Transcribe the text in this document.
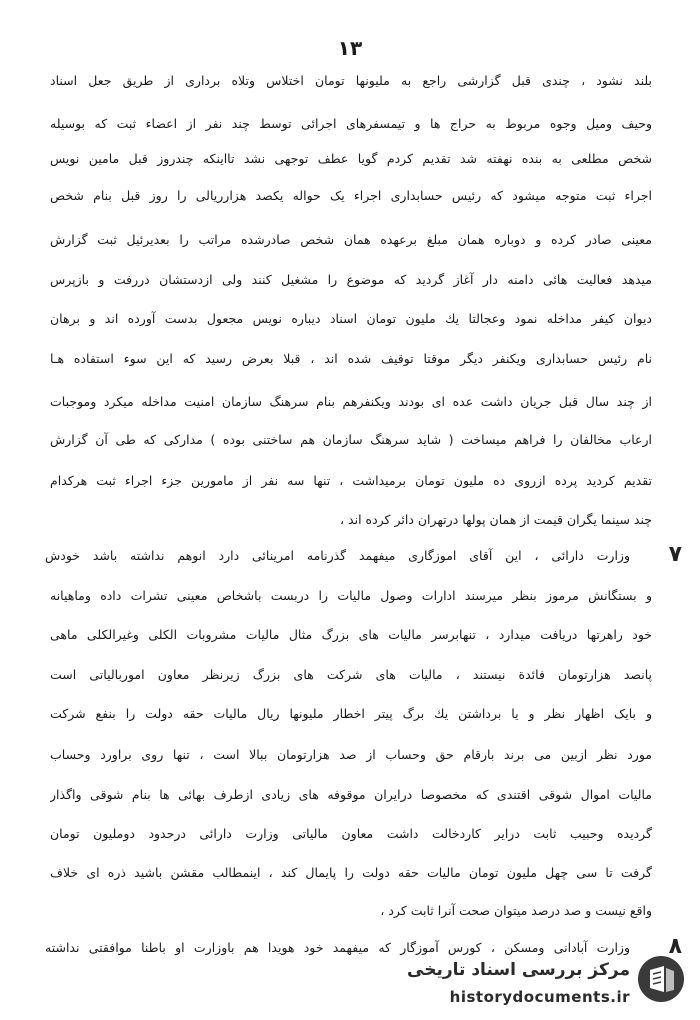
۱۳
بلند نشود ، چندی قبل گزارشی راجع به ملیونها تومان اختلاس وتلاه برداری از طریق جعل اسناد
وحیف ومیل وجوه مربوط به حراج ها و تیمسفرهای اجرائی توسط چند نفر از اعضاء ثبت که بوسیله
شخص مطلعی به بنده نهفته شد تقدیم کردم گویا عطف توجهی نشد تااینکه چندروز قبل مامین نویس
اجراء ثبت متوجه میشود که رئیس حسابداری اجراء یک حواله یکصد هزارریالی را روز قبل بنام شخص
معینی صادر کرده و دوباره همان مبلغ برعهده همان شخص صادرشده مراتب را بعدیرئیل ثبت گزارش
میدهد فعالیت هائی دامنه دار آغاز گردید که موضوع را مشغیل کنند ولی ازدستشان دررفت و بازپرس
دیوان کیفر مداخله نمود وعجالتا یك ملیون تومان اسناد دیباره نویس مجعول بدست آورده اند و برهان
نام رئیس حسابداری ویکنفر دیگر موقتا توقیف شده اند ، قبلا بعرض رسید که این سوء استفاده هـا
از چند سال قبل جریان داشت عده ای بودند ویکنفرهم بنام سرهنگ سازمان امنیت مداخله میکرد وموجبات
ارعاب مخالفان را فراهم میساخت ( شاید سرهنگ سازمان هم ساختنی بوده ) مدارکی که طی آن گزارش
تقدیم کردید پرده ازروی ده ملیون تومان برمیداشت ، تنها سه نفر از مامورین جزء اجراء ثبت هرکدام
چند سینما یگران قیمت از همان پولها درتهران دائر کرده اند ،
۷
وزارت دارائی ، این آقای اموزگاری میفهمد گذرنامه امرینائی دارد انوهم نداشته باشد خودش
و بستگانش مرموز بنظر میرسند ادارات وصول مالیات را دربست باشخاص معینی تشرات داده وماهیانه
خود راهرتها دریافت میدارد ، تنهابرسر مالیات های بزرگ مثال مالیات مشروبات الکلی وغیرالکلی ماهی
پانصد هزارتومان فائدة نیستند ، مالیات های شرکت های بزرگ زیرنظر معاون اموربالیاتی است
و بایک اظهار نظر و یا برداشتن یك برگ پیتر اخطار ملیونها ریال مالیات حقه دولت را بنفع شرکت
مورد نظر ازبین می برند بارقام حق وحساب از صد هزارتومان ببالا است ، تنها روی براورد وحساب
مالیات اموال شوقی اقتندی که مخصوصا درایران موقوفه های زیادی ازطرف بهائی ها بنام شوقی واگذار
گردیده وحبیب ثابت درایر کاردخالت داشت معاون مالیاتی وزارت دارائی درحدود دوملیون تومان
گرفت تا سی چهل ملیون تومان مالیات حقه دولت را پایمال کند ، اینمطالب مقشن باشید ذره ای خلاف
واقع نیست و صد درصد میتوان صحت آنرا ثابت کرد ،
۸
وزارت آبادانی ومسکن ، کورس آموزگار که میفهمد خود هویدا هم باوزارت او باطنا موافقتی نداشته
مرکز بررسی اسناد تاریخی
historydocuments.ir
